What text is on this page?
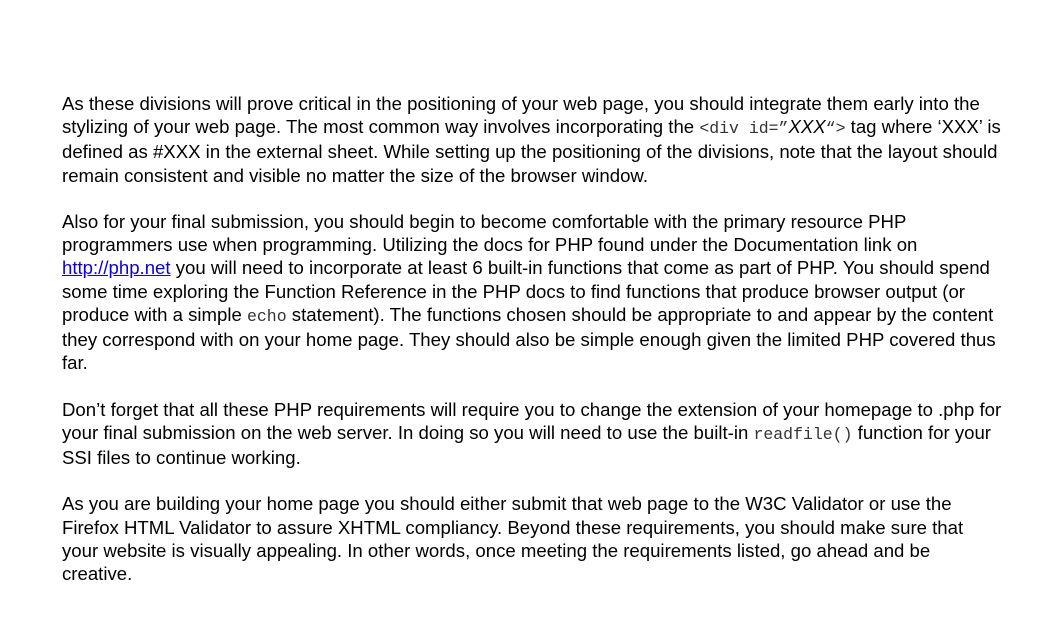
As these divisions will prove critical in the positioning of your web page, you should integrate them early into the stylizing of your web page. The most common way involves incorporating the <div id=”XXX“> tag where ‘XXX’ is defined as #XXX in the external sheet. While setting up the positioning of the divisions, note that the layout should remain consistent and visible no matter the size of the browser window.

Also for your final submission, you should begin to become comfortable with the primary resource PHP programmers use when programming. Utilizing the docs for PHP found under the Documentation link on http://php.net you will need to incorporate at least 6 built-in functions that come as part of PHP. You should spend some time exploring the Function Reference in the PHP docs to find functions that produce browser output (or produce with a simple echo statement). The functions chosen should be appropriate to and appear by the content they correspond with on your home page. They should also be simple enough given the limited PHP covered thus far.

Don’t forget that all these PHP requirements will require you to change the extension of your homepage to .php for your final submission on the web server. In doing so you will need to use the built-in readfile() function for your SSI files to continue working.

As you are building your home page you should either submit that web page to the W3C Validator or use the Firefox HTML Validator to assure XHTML compliancy. Beyond these requirements, you should make sure that your website is visually appealing. In other words, once meeting the requirements listed, go ahead and be creative.
